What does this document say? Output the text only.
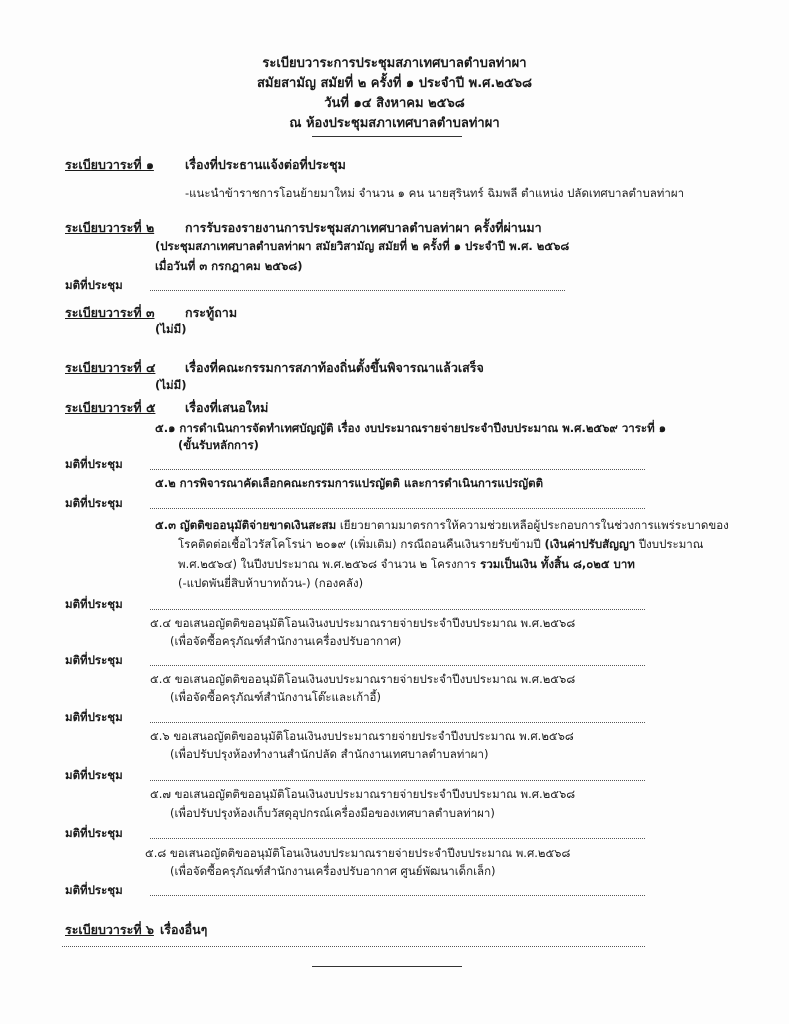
ระเบียบวาระการประชุมสภาเทศบาลตำบลท่าผา
สมัยสามัญ สมัยที่ ๒ ครั้งที่ ๑ ประจำปี พ.ศ.๒๕๖๘
วันที่ ๑๔ สิงหาคม ๒๕๖๘
ณ ห้องประชุมสภาเทศบาลตำบลท่าผา
ระเบียบวาระที่ ๑ เรื่องที่ประธานแจ้งต่อที่ประชุม
-แนะนำข้าราชการโอนย้ายมาใหม่ จำนวน ๑ คน นายสุรินทร์ ฉิมพลี ตำแหน่ง ปลัดเทศบาลตำบลท่าผา
ระเบียบวาระที่ ๒ การรับรองรายงานการประชุมสภาเทศบาลตำบลท่าผา ครั้งที่ผ่านมา
(ประชุมสภาเทศบาลตำบลท่าผา สมัยวิสามัญ สมัยที่ ๒ ครั้งที่ ๑ ประจำปี พ.ศ. ๒๕๖๘
เมื่อวันที่ ๓ กรกฎาคม ๒๕๖๘)
มติที่ประชุม
ระเบียบวาระที่ ๓ กระทู้ถาม
(ไม่มี)
ระเบียบวาระที่ ๔ เรื่องที่คณะกรรมการสภาท้องถิ่นตั้งขึ้นพิจารณาแล้วเสร็จ
(ไม่มี)
ระเบียบวาระที่ ๕ เรื่องที่เสนอใหม่
๕.๑ การดำเนินการจัดทำเทศบัญญัติ เรื่อง งบประมาณรายจ่ายประจำปีงบประมาณ พ.ศ.๒๕๖๙ วาระที่ ๑
(ขั้นรับหลักการ)
มติที่ประชุม
๕.๒ การพิจารณาคัดเลือกคณะกรรมการแปรญัตติ และการดำเนินการแปรญัตติ
มติที่ประชุม
๕.๓ ญัตติขออนุมัติจ่ายขาดเงินสะสม เยียวยาตามมาตรการให้ความช่วยเหลือผู้ประกอบการในช่วงการแพร่ระบาดของ
โรคติดต่อเชื้อไวรัสโคโรน่า ๒๐๑๙ (เพิ่มเติม) กรณีถอนคืนเงินรายรับข้ามปี (เงินค่าปรับสัญญา ปีงบประมาณ
พ.ศ.๒๕๖๔) ในปีงบประมาณ พ.ศ.๒๕๖๘ จำนวน ๒ โครงการ รวมเป็นเงิน ทั้งสิ้น ๘,๐๒๕ บาท
(-แปดพันยี่สิบห้าบาทถ้วน-) (กองคลัง)
มติที่ประชุม
๕.๔ ขอเสนอญัตติขออนุมัติโอนเงินงบประมาณรายจ่ายประจำปีงบประมาณ พ.ศ.๒๕๖๘
(เพื่อจัดซื้อครุภัณฑ์สำนักงานเครื่องปรับอากาศ)
มติที่ประชุม
๕.๕ ขอเสนอญัตติขออนุมัติโอนเงินงบประมาณรายจ่ายประจำปีงบประมาณ พ.ศ.๒๕๖๘
(เพื่อจัดซื้อครุภัณฑ์สำนักงานโต๊ะและเก้าอี้)
มติที่ประชุม
๕.๖ ขอเสนอญัตติขออนุมัติโอนเงินงบประมาณรายจ่ายประจำปีงบประมาณ พ.ศ.๒๕๖๘
(เพื่อปรับปรุงห้องทำงานสำนักปลัด สำนักงานเทศบาลตำบลท่าผา)
มติที่ประชุม
๕.๗ ขอเสนอญัตติขออนุมัติโอนเงินงบประมาณรายจ่ายประจำปีงบประมาณ พ.ศ.๒๕๖๘
(เพื่อปรับปรุงห้องเก็บวัสดุอุปกรณ์เครื่องมือของเทศบาลตำบลท่าผา)
มติที่ประชุม
๕.๘ ขอเสนอญัตติขออนุมัติโอนเงินงบประมาณรายจ่ายประจำปีงบประมาณ พ.ศ.๒๕๖๘
(เพื่อจัดซื้อครุภัณฑ์สำนักงานเครื่องปรับอากาศ ศูนย์พัฒนาเด็กเล็ก)
มติที่ประชุม
ระเบียบวาระที่ ๖ เรื่องอื่นๆ
